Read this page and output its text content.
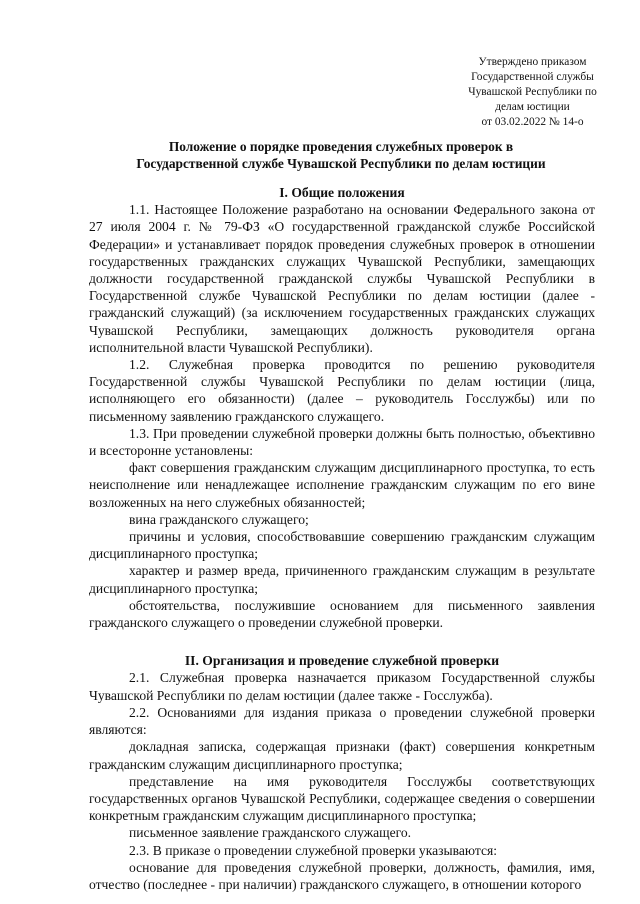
Утверждено приказом
Государственной службы
Чувашской Республики по
делам юстиции
от 03.02.2022 № 14-о
Положение о порядке проведения служебных проверок в
Государственной службе Чувашской Республики по делам юстиции
I. Общие положения

1.1. Настоящее Положение разработано на основании Федерального закона от 27 июля 2004 г. № 79-ФЗ «О государственной гражданской службе Российской Федерации» и устанавливает порядок проведения служебных проверок в отношении государственных гражданских служащих Чувашской Республики, замещающих должности государственной гражданской службы Чувашской Республики в Государственной службе Чувашской Республики по делам юстиции (далее - гражданский служащий) (за исключением государственных гражданских служащих Чувашской Республики, замещающих должность руководителя органа исполнительной власти Чувашской Республики).

1.2. Служебная проверка проводится по решению руководителя Государственной службы Чувашской Республики по делам юстиции (лица, исполняющего его обязанности) (далее – руководитель Госслужбы) или по письменному заявлению гражданского служащего.

1.3. При проведении служебной проверки должны быть полностью, объективно и всесторонне установлены:

факт совершения гражданским служащим дисциплинарного проступка, то есть неисполнение или ненадлежащее исполнение гражданским служащим по его вине возложенных на него служебных обязанностей;

вина гражданского служащего;

причины и условия, способствовавшие совершению гражданским служащим дисциплинарного проступка;

характер и размер вреда, причиненного гражданским служащим в результате дисциплинарного проступка;

обстоятельства, послужившие основанием для письменного заявления гражданского служащего о проведении служебной проверки.

II. Организация и проведение служебной проверки

2.1. Служебная проверка назначается приказом Государственной службы Чувашской Республики по делам юстиции (далее также - Госслужба).

2.2. Основаниями для издания приказа о проведении служебной проверки являются:

докладная записка, содержащая признаки (факт) совершения конкретным гражданским служащим дисциплинарного проступка;

представление на имя руководителя Госслужбы соответствующих государственных органов Чувашской Республики, содержащее сведения о совершении конкретным гражданским служащим дисциплинарного проступка;

письменное заявление гражданского служащего.

2.3. В приказе о проведении служебной проверки указываются:

основание для проведения служебной проверки, должность, фамилия, имя, отчество (последнее - при наличии) гражданского служащего, в отношении которого
